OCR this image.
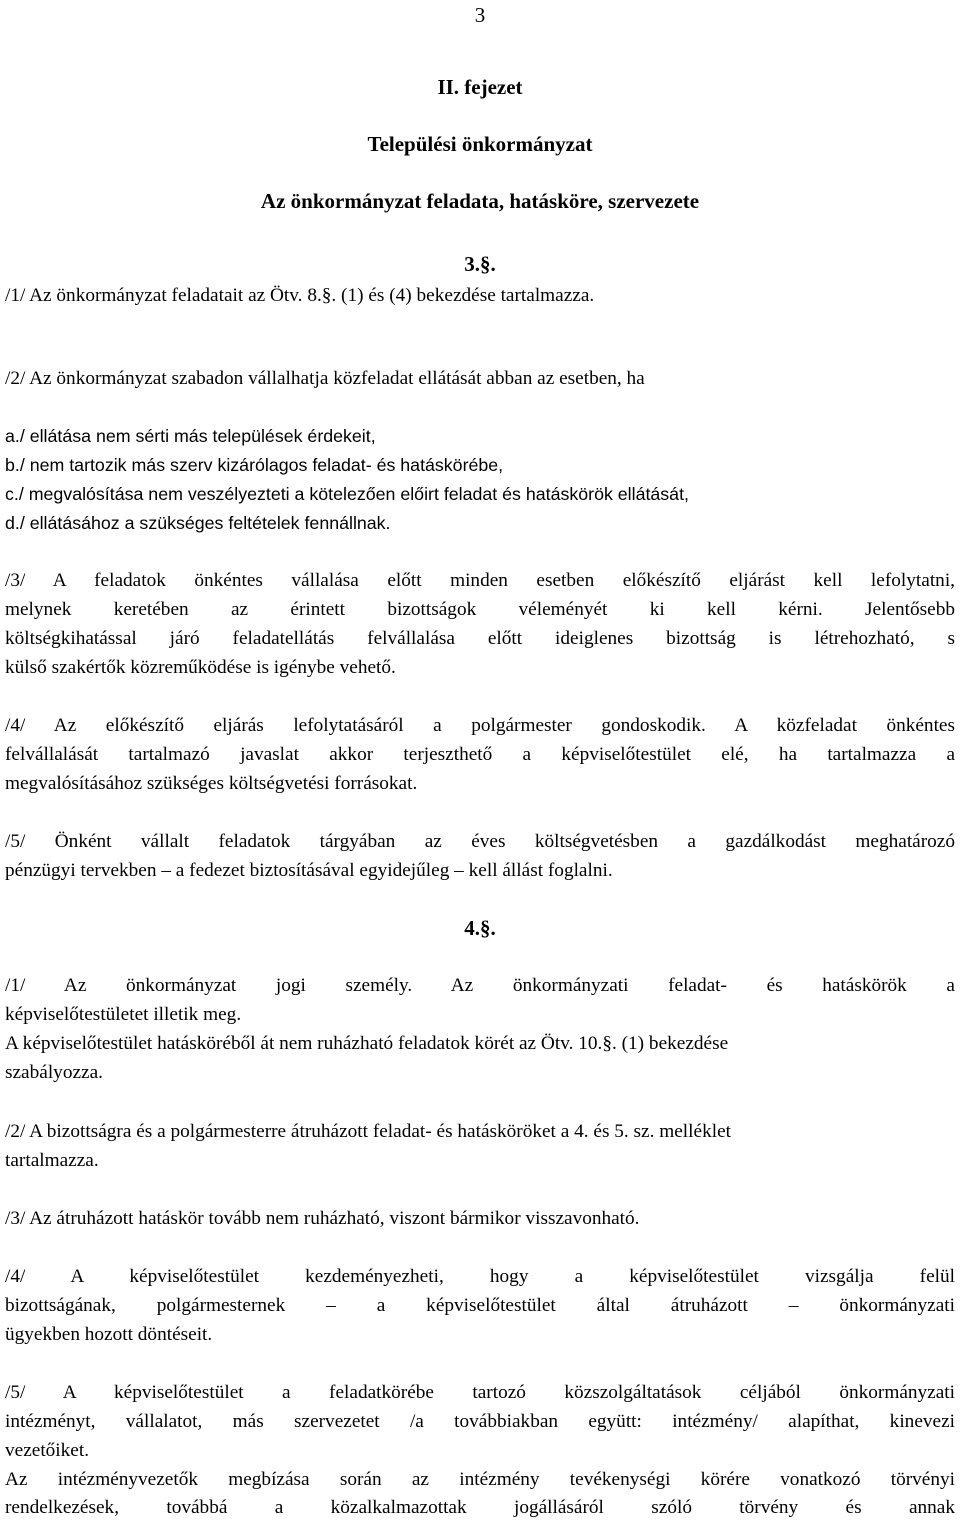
3
II. fejezet
Települési önkormányzat
Az önkormányzat feladata, hatásköre, szervezete
3.§.
/1/ Az önkormányzat feladatait az Ötv. 8.§. (1) és (4) bekezdése tartalmazza.
/2/ Az önkormányzat szabadon vállalhatja közfeladat ellátását abban az esetben, ha
a./ ellátása nem sérti más települések érdekeit,
b./ nem tartozik más szerv kizárólagos feladat- és hatáskörébe,
c./ megvalósítása nem veszélyezteti a kötelezően előirt feladat és hatáskörök ellátását,
d./ ellátásához a szükséges feltételek fennállnak.
/3/ A feladatok önkéntes vállalása előtt minden esetben előkészítő eljárást kell lefolytatni,
melynek keretében az érintett bizottságok véleményét ki kell kérni. Jelentősebb
költségkihatással járó feladatellátás felvállalása előtt ideiglenes bizottság is létrehozható, s
külső szakértők közreműködése is igénybe vehető.
/4/ Az előkészítő eljárás lefolytatásáról a polgármester gondoskodik. A közfeladat önkéntes
felvállalását tartalmazó javaslat akkor terjeszthető a képviselőtestület elé, ha tartalmazza a
megvalósításához szükséges költségvetési forrásokat.
/5/ Önként vállalt feladatok tárgyában az éves költségvetésben a gazdálkodást meghatározó
pénzügyi tervekben – a fedezet biztosításával egyidejűleg – kell állást foglalni.
4.§.
/1/ Az önkormányzat jogi személy. Az önkormányzati feladat- és hatáskörök a
képviselőtestületet illetik meg.
A képviselőtestület hatásköréből át nem ruházható feladatok körét az Ötv. 10.§. (1) bekezdése
szabályozza.
/2/ A bizottságra és a polgármesterre átruházott feladat- és hatásköröket a 4. és 5. sz. melléklet
tartalmazza.
/3/ Az átruházott hatáskör tovább nem ruházható, viszont bármikor visszavonható.
/4/ A képviselőtestület kezdeményezheti, hogy a képviselőtestület vizsgálja felül
bizottságának, polgármesternek – a képviselőtestület által átruházott – önkormányzati
ügyekben hozott döntéseit.
/5/ A képviselőtestület a feladatkörébe tartozó közszolgáltatások céljából önkormányzati
intézményt, vállalatot, más szervezetet /a továbbiakban együtt: intézmény/ alapíthat, kinevezi
vezetőiket.
Az intézményvezetők megbízása során az intézmény tevékenységi körére vonatkozó törvényi
rendelkezések, továbbá a közalkalmazottak jogállásáról szóló törvény és annak
